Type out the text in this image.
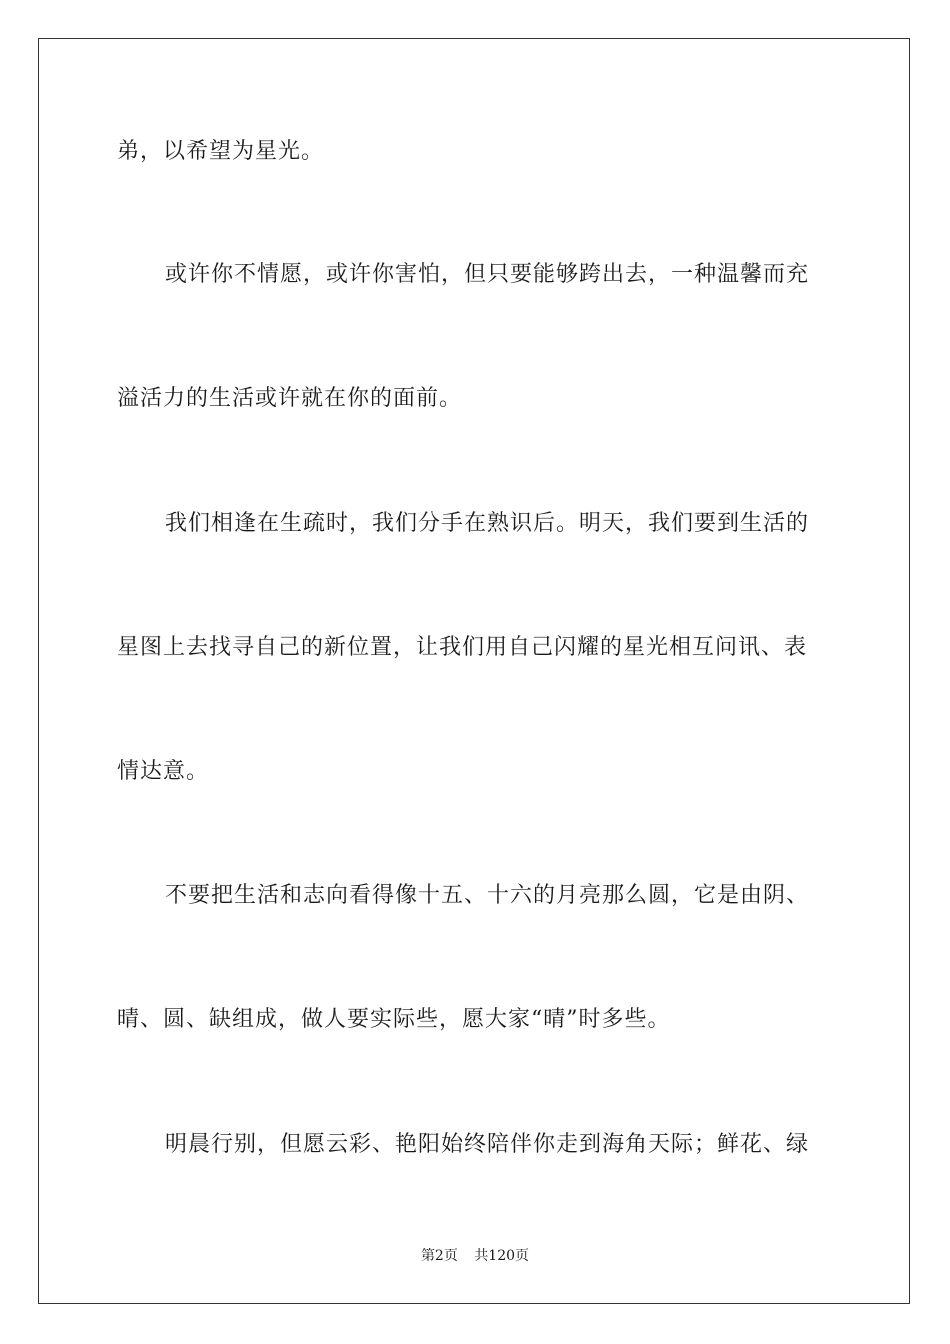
弟，以希望为星光。
或许你不情愿，或许你害怕，但只要能够跨出去，一种温馨而充
溢活力的生活或许就在你的面前。
我们相逢在生疏时，我们分手在熟识后。明天，我们要到生活的
星图上去找寻自己的新位置，让我们用自己闪耀的星光相互问讯、表
情达意。
不要把生活和志向看得像十五、十六的月亮那么圆，它是由阴、
晴、圆、缺组成，做人要实际些，愿大家“晴”时多些。
明晨行别，但愿云彩、艳阳始终陪伴你走到海角天际；鲜花、绿
第2页 共120页
